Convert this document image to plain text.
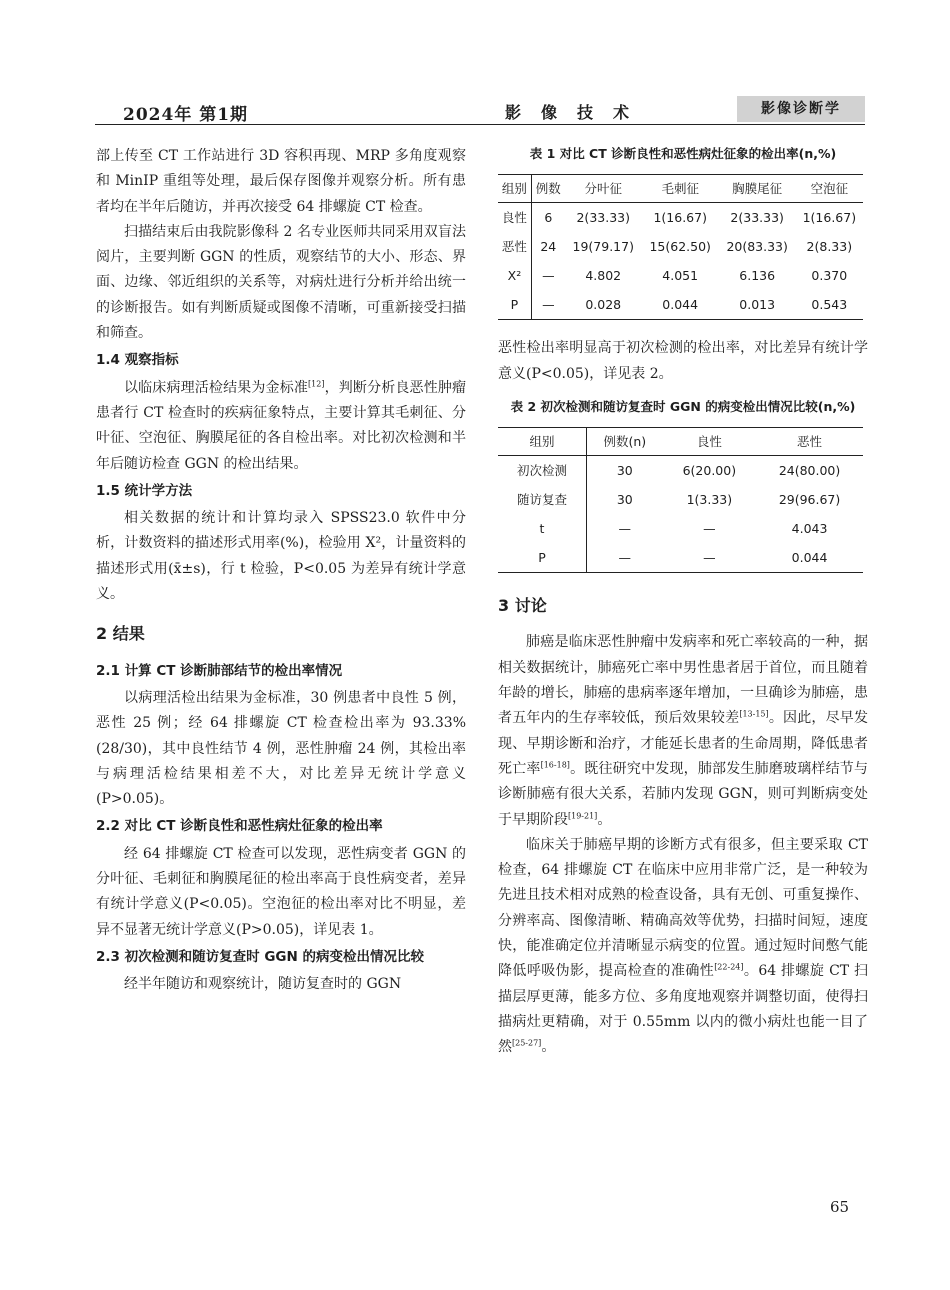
2024年 第1期	影像技术	影像诊断学

部上传至 CT 工作站进行 3D 容积再现、MRP 多角度观察和 MinIP 重组等处理，最后保存图像并观察分析。所有患者均在半年后随访，并再次接受 64 排螺旋 CT 检查。

扫描结束后由我院影像科 2 名专业医师共同采用双盲法阅片，主要判断 GGN 的性质，观察结节的大小、形态、界面、边缘、邻近组织的关系等，对病灶进行分析并给出统一的诊断报告。如有判断质疑或图像不清晰，可重新接受扫描和筛查。

1.4 观察指标

以临床病理活检结果为金标准[12]，判断分析良恶性肿瘤患者行 CT 检查时的疾病征象特点，主要计算其毛刺征、分叶征、空泡征、胸膜尾征的各自检出率。对比初次检测和半年后随访检查 GGN 的检出结果。

1.5 统计学方法

相关数据的统计和计算均录入 SPSS23.0 软件中分析，计数资料的描述形式用率(%)，检验用 X²，计量资料的描述形式用(x̄±s)，行 t 检验，P<0.05 为差异有统计学意义。

2 结果
2.1 计算 CT 诊断肺部结节的检出率情况

以病理活检出结果为金标准，30 例患者中良性 5 例，恶性 25 例；经 64 排螺旋 CT 检查检出率为 93.33%(28/30)，其中良性结节 4 例，恶性肿瘤 24 例，其检出率与病理活检结果相差不大，对比差异无统计学意义(P>0.05)。

2.2 对比 CT 诊断良性和恶性病灶征象的检出率

经 64 排螺旋 CT 检查可以发现，恶性病变者 GGN 的分叶征、毛刺征和胸膜尾征的检出率高于良性病变者，差异有统计学意义(P<0.05)。空泡征的检出率对比不明显，差异不显著无统计学意义(P>0.05)，详见表 1。

2.3 初次检测和随访复查时 GGN 的病变检出情况比较

经半年随访和观察统计，随访复查时的 GGN

表 1 对比 CT 诊断良性和恶性病灶征象的检出率(n,%)
组别	例数	分叶征	毛刺征	胸膜尾征	空泡征
良性	6	2(33.33)	1(16.67)	2(33.33)	1(16.67)
恶性	24	19(79.17)	15(62.50)	20(83.33)	2(8.33)
X²	—	4.802	4.051	6.136	0.370
P	—	0.028	0.044	0.013	0.543

恶性检出率明显高于初次检测的检出率，对比差异有统计学意义(P<0.05)，详见表 2。

表 2 初次检测和随访复查时 GGN 的病变检出情况比较(n,%)
组别	例数(n)	良性	恶性
初次检测	30	6(20.00)	24(80.00)
随访复查	30	1(3.33)	29(96.67)
t	—	—	4.043
P	—	—	0.044
3 讨论

肺癌是临床恶性肿瘤中发病率和死亡率较高的一种，据相关数据统计，肺癌死亡率中男性患者居于首位，而且随着年龄的增长，肺癌的患病率逐年增加，一旦确诊为肺癌，患者五年内的生存率较低，预后效果较差[13-15]。因此，尽早发现、早期诊断和治疗，才能延长患者的生命周期，降低患者死亡率[16-18]。既往研究中发现，肺部发生肺磨玻璃样结节与诊断肺癌有很大关系，若肺内发现 GGN，则可判断病变处于早期阶段[19-21]。

临床关于肺癌早期的诊断方式有很多，但主要采取 CT 检查，64 排螺旋 CT 在临床中应用非常广泛，是一种较为先进且技术相对成熟的检查设备，具有无创、可重复操作、分辨率高、图像清晰、精确高效等优势，扫描时间短，速度快，能准确定位并清晰显示病变的位置。通过短时间憋气能降低呼吸伪影，提高检查的准确性[22-24]。64 排螺旋 CT 扫描层厚更薄，能多方位、多角度地观察并调整切面，使得扫描病灶更精确，对于 0.55mm 以内的微小病灶也能一目了然[25-27]。

65
